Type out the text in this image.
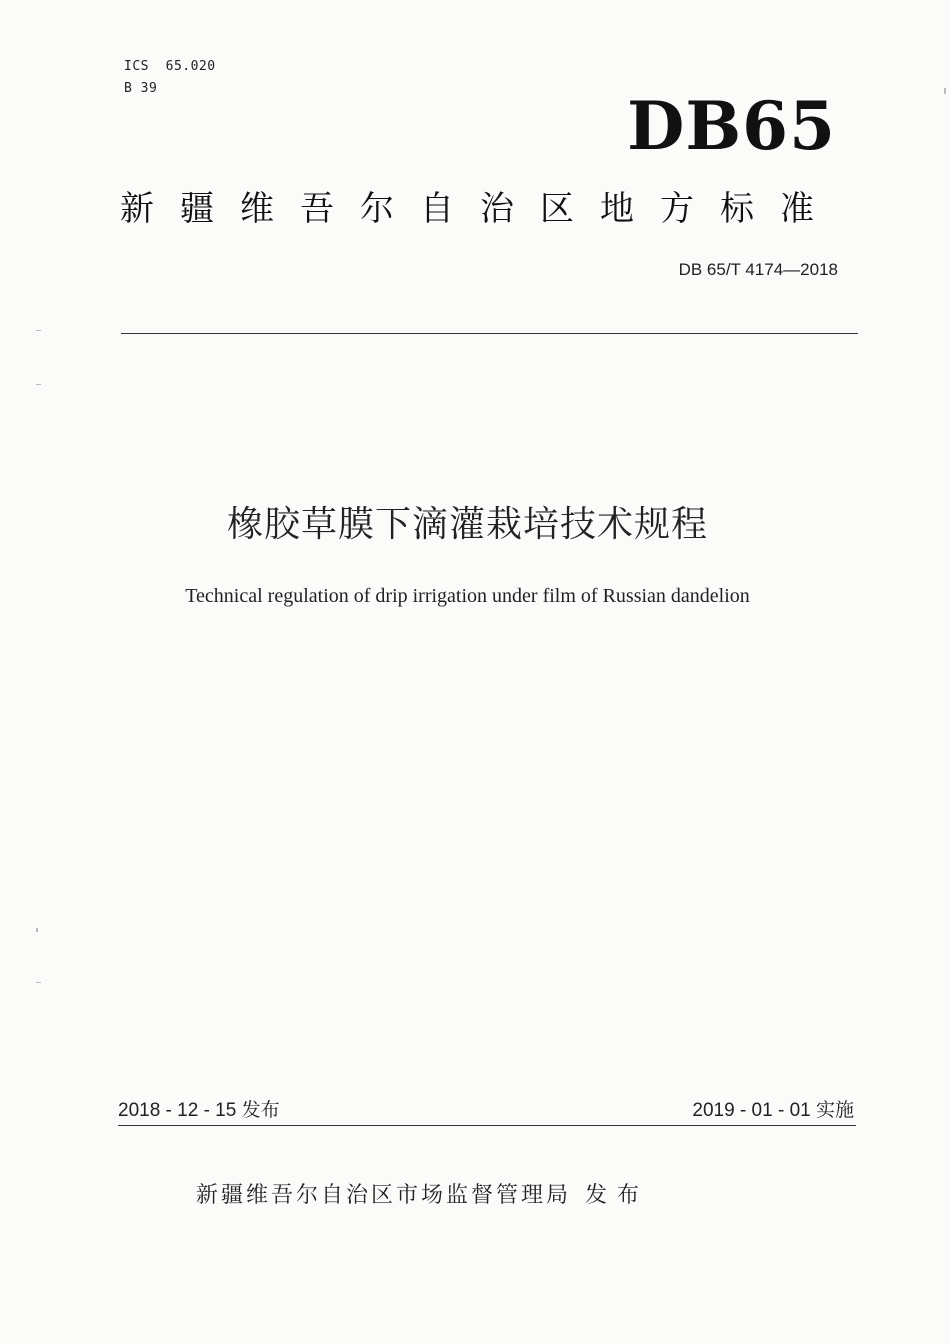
ICS  65.020
B 39	DB65
新疆维吾尔自治区地方标准
DB 65/T 4174—2018
橡胶草膜下滴灌栽培技术规程
Technical regulation of drip irrigation under film of Russian dandelion
2018 - 12 - 15 发布	2019 - 01 - 01 实施
新疆维吾尔自治区市场监督管理局 发布
